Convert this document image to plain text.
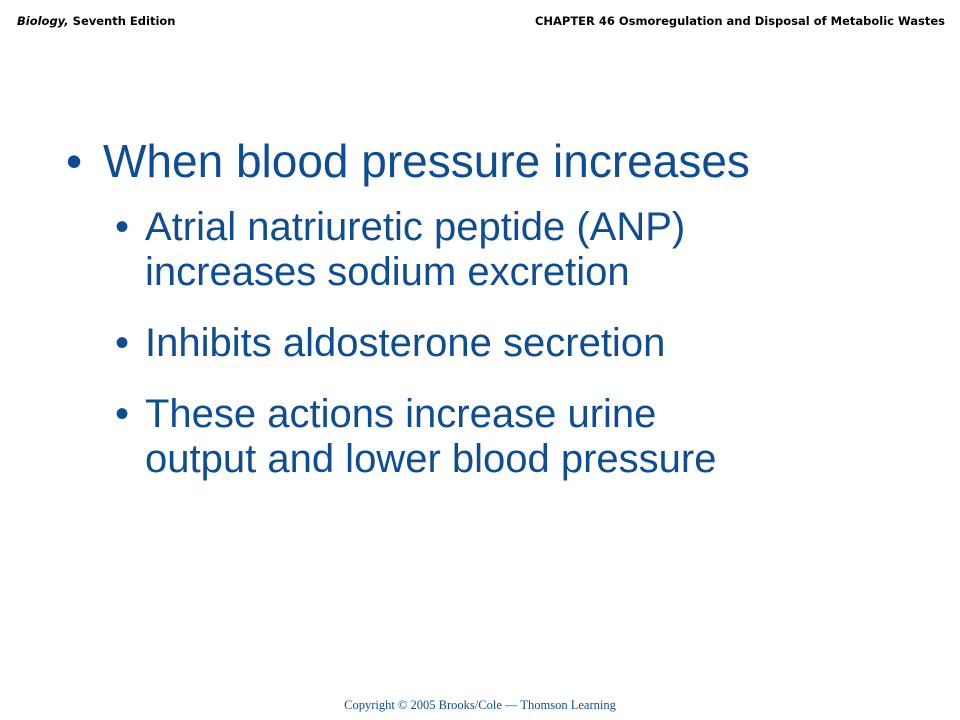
Biology, Seventh Edition	CHAPTER 46 Osmoregulation and Disposal of Metabolic Wastes
• When blood pressure increases
• Atrial natriuretic peptide (ANP)
increases sodium excretion
• Inhibits aldosterone secretion
• These actions increase urine
output and lower blood pressure
Copyright © 2005 Brooks/Cole — Thomson Learning
